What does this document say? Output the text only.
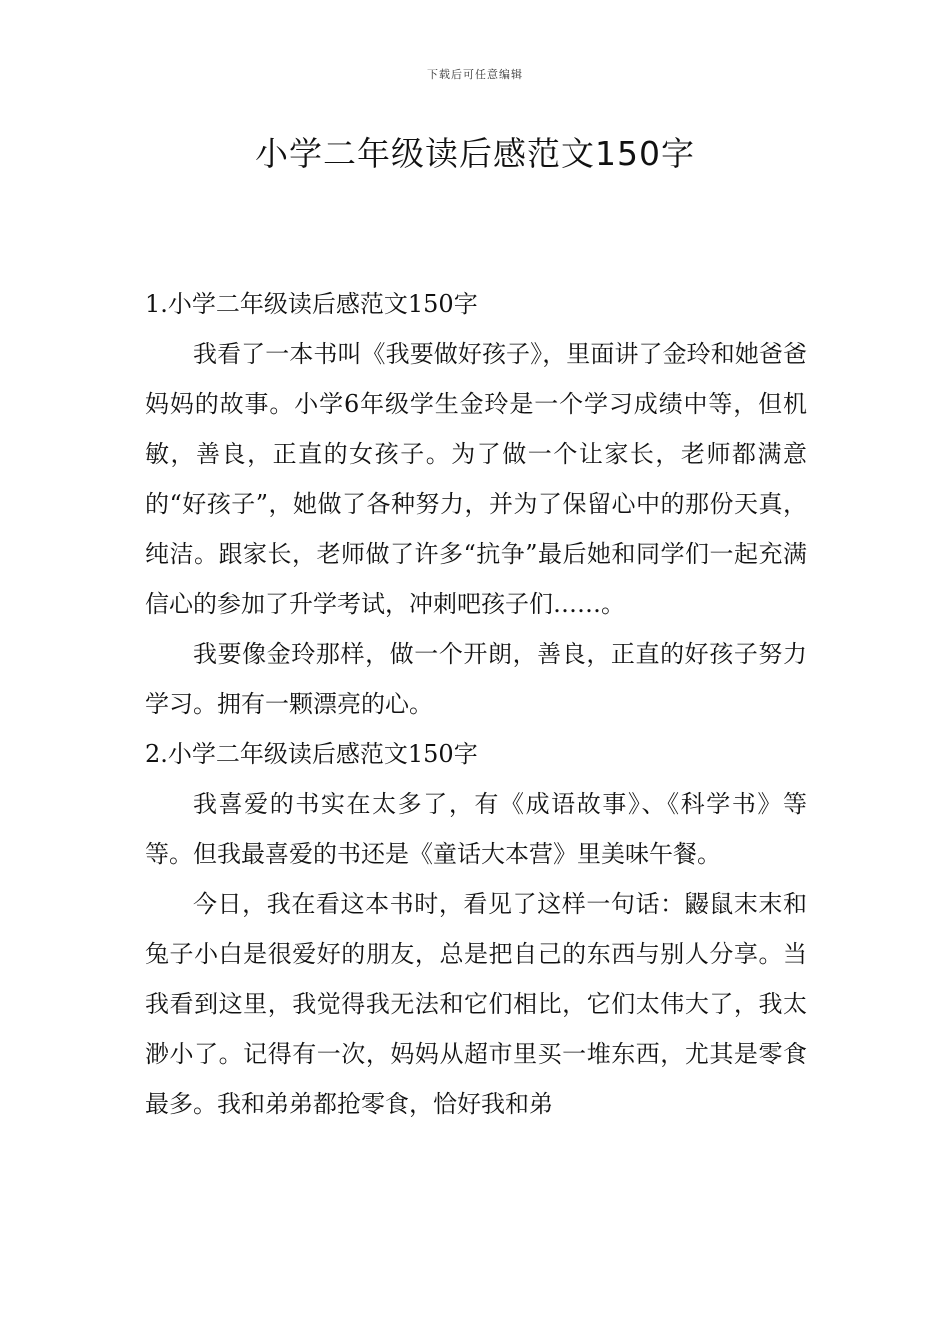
下载后可任意编辑
小学二年级读后感范文150字
1.小学二年级读后感范文150字

我看了一本书叫《我要做好孩子》，里面讲了金玲和她爸爸妈妈的故事。小学6年级学生金玲是一个学习成绩中等，但机敏，善良，正直的女孩子。为了做一个让家长，老师都满意的“好孩子”，她做了各种努力，并为了保留心中的那份天真，纯洁。跟家长，老师做了许多“抗争”最后她和同学们一起充满信心的参加了升学考试，冲刺吧孩子们……。

我要像金玲那样，做一个开朗，善良，正直的好孩子努力学习。拥有一颗漂亮的心。

2.小学二年级读后感范文150字

我喜爱的书实在太多了，有《成语故事》、《科学书》等等。但我最喜爱的书还是《童话大本营》里美味午餐。

今日，我在看这本书时，看见了这样一句话：鼹鼠末末和兔子小白是很爱好的朋友，总是把自己的东西与别人分享。当我看到这里，我觉得我无法和它们相比，它们太伟大了，我太渺小了。记得有一次，妈妈从超市里买一堆东西，尤其是零食最多。我和弟弟都抢零食，恰好我和弟
